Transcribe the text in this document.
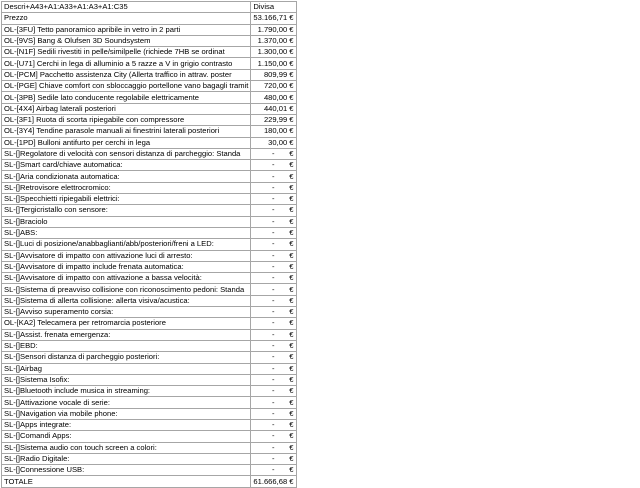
Descri+A43+A1:A33+A1:A3+A1:C35	Divisa
Prezzo	53.166,71 €
OL-[3FU] Tetto panoramico apribile in vetro in 2 parti	1.790,00 €
OL-[9VS] Bang & Olufsen 3D Soundsystem	1.370,00 €
OL-[N1F] Sedili rivestiti in pelle/similpelle (richiede 7HB se ordinat	1.300,00 €
OL-[U71] Cerchi in lega di alluminio a 5 razze a V in grigio contrasto	1.150,00 €
OL-[PCM] Pacchetto assistenza City (Allerta traffico in attrav. poster	809,99 €
OL-[PGE] Chiave comfort con sbloccaggio portellone vano bagagli tramit	720,00 €
OL-[3PB] Sedile lato conducente regolabile elettricamente	480,00 €
OL-[4X4] Airbag laterali posteriori	440,01 €
OL-[3F1] Ruota di scorta ripiegabile con compressore	229,99 €
OL-[3Y4] Tendine parasole manuali ai finestrini laterali posteriori	180,00 €
OL-[1PD] Bulloni antifurto per cerchi in lega	30,00 €
SL-[]Regolatore di velocità con sensori distanza di parcheggio: Standa	-       €
SL-[]Smart card/chiave automatica:	-       €
SL-[]Aria condizionata automatica:	-       €
SL-[]Retrovisore elettrocromico:	-       €
SL-[]Specchietti ripiegabili elettrici:	-       €
SL-[]Tergicristallo con sensore:	-       €
SL-[]Braciolo	-       €
SL-[]ABS:	-       €
SL-[]Luci di posizione/anabbaglianti/abb/posteriori/freni a LED:	-       €
SL-[]Avvisatore di impatto con attivazione luci di arresto:	-       €
SL-[]Avvisatore di impatto include frenata automatica:	-       €
SL-[]Avvisatore di impatto con attivazione a bassa velocità:	-       €
SL-[]Sistema di preavviso collisione con riconoscimento pedoni: Standa	-       €
SL-[]Sistema di allerta collisione: allerta visiva/acustica:	-       €
SL-[]Avviso superamento corsia:	-       €
OL-[KA2] Telecamera per retromarcia posteriore	-       €
SL-[]Assist. frenata emergenza:	-       €
SL-[]EBD:	-       €
SL-[]Sensori distanza di parcheggio posteriori:	-       €
SL-[]Airbag	-       €
SL-[]Sistema Isofix:	-       €
SL-[]Bluetooth include musica in streaming:	-       €
SL-[]Attivazione vocale di serie:	-       €
SL-[]Navigation via mobile phone:	-       €
SL-[]Apps integrate:	-       €
SL-[]Comandi Apps:	-       €
SL-[]Sistema audio con touch screen a colori:	-       €
SL-[]Radio Digitale:	-       €
SL-[]Connessione USB:	-       €
TOTALE	61.666,68 €
